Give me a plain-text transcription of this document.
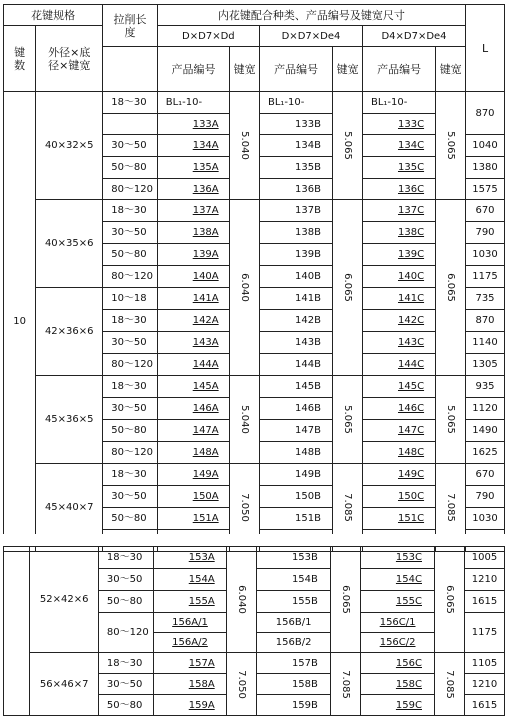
花键规格		拉削长度	内花键配合种类、产品编号及键宽尺寸						L
键数	外径×底径×键宽		D×D7×Dd		D×D7×De4		D4×D7×De4		
			产品编号	键宽	产品编号	键宽	产品编号	键宽	
10	40×32×5	18～30	BL₁-10-	5.040	BL₁-10-	5.065	BL₁-10-	5.065	870
			133A		133B		133C		
		30～50	134A		134B		134C		1040
		50～80	135A		135B		135C		1380
		80～120	136A		136B		136C		1575
	40×35×6	18～30	137A	6.040	137B	6.065	137C	6.065	670
		30～50	138A		138B		138C		790
		50～80	139A		139B		139C		1030
		80～120	140A		140B		140C		1175
	42×36×6	10～18	141A		141B		141C		735
		18～30	142A		142B		142C		870
		30～50	143A		143B		143C		1140
		80～120	144A		144B		144C		1305
	45×36×5	18～30	145A	5.040	145B	5.065	145C	5.065	935
		30～50	146A		146B		146C		1120
		50～80	147A		147B		147C		1490
		80～120	148A		148B		148C		1625
	45×40×7	18～30	149A	7.050	149B	7.085	149C	7.085	670
		30～50	150A		150B		150C		790
		50～80	151A		151B		151C		1030

	52×42×6	18～30	153A	6.040	153B	6.065	153C	6.065	1005
		30～50	154A		154B		154C		1210
		50～80	155A		155B		155C		1615
		80～120	156A/1		156B/1		156C/1		1175
			156A/2		156B/2		156C/2		
	56×46×7	18～30	157A	7.050	157B	7.085	156C	7.085	1105
		30～50	158A		158B		158C		1210
		50～80	159A		159B		159C		1615
